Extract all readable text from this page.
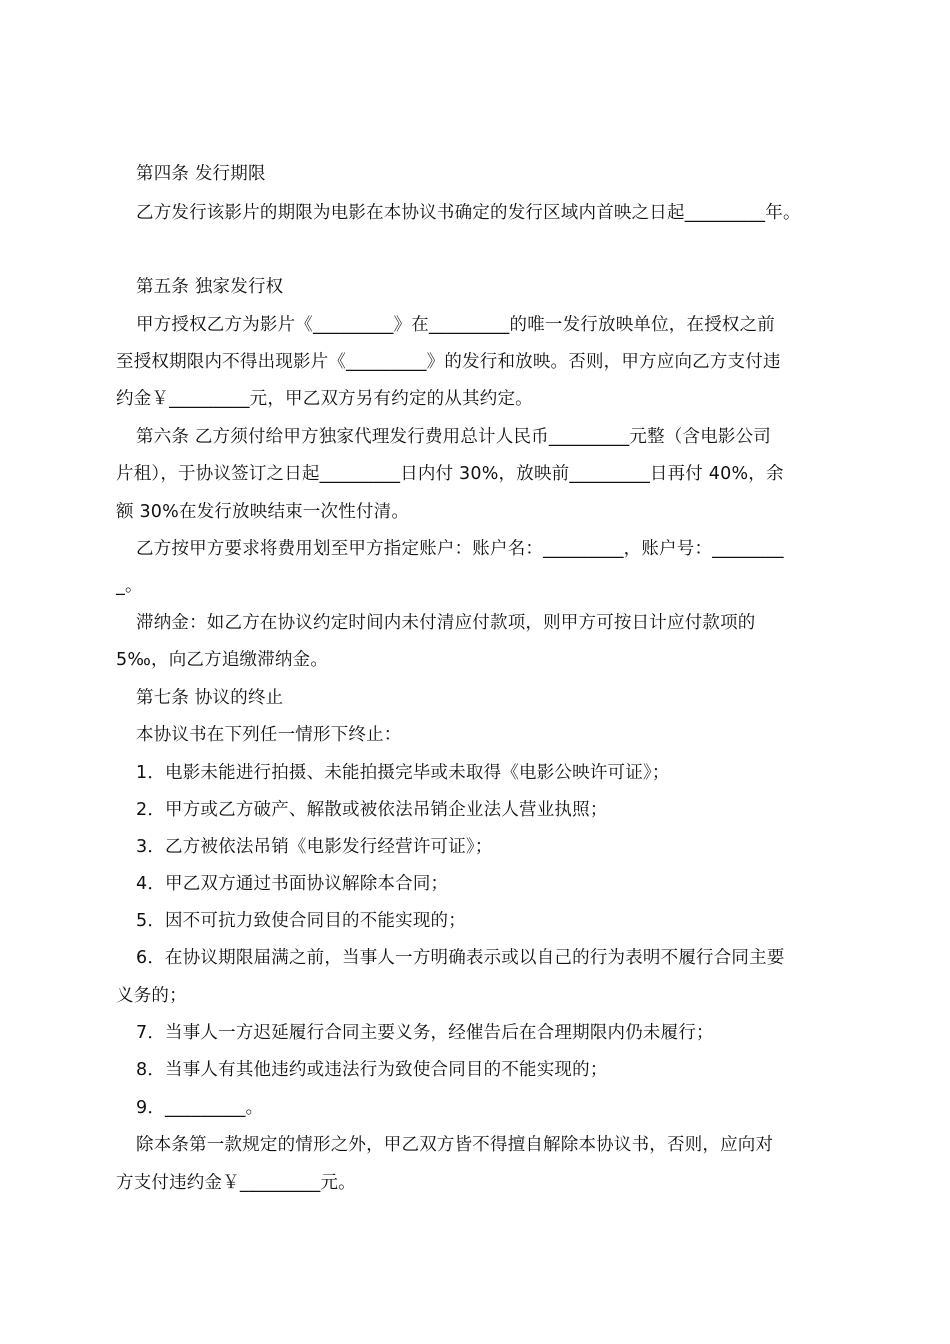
第四条 发行期限
乙方发行该影片的期限为电影在本协议书确定的发行区域内首映之日起_________年。
第五条 独家发行权
甲方授权乙方为影片《_________》在_________的唯一发行放映单位，在授权之前
至授权期限内不得出现影片《_________》的发行和放映。否则，甲方应向乙方支付违
约金￥_________元，甲乙双方另有约定的从其约定。
第六条 乙方须付给甲方独家代理发行费用总计人民币_________元整（含电影公司
片租），于协议签订之日起_________日内付 30%，放映前_________日再付 40%，余
额 30%在发行放映结束一次性付清。
乙方按甲方要求将费用划至甲方指定账户：账户名：_________，账户号：________
_。
滞纳金：如乙方在协议约定时间内未付清应付款项，则甲方可按日计应付款项的
5‰，向乙方追缴滞纳金。
第七条 协议的终止
本协议书在下列任一情形下终止：
1．电影未能进行拍摄、未能拍摄完毕或未取得《电影公映许可证》；
2．甲方或乙方破产、解散或被依法吊销企业法人营业执照；
3．乙方被依法吊销《电影发行经营许可证》；
4．甲乙双方通过书面协议解除本合同；
5．因不可抗力致使合同目的不能实现的；
6．在协议期限届满之前，当事人一方明确表示或以自己的行为表明不履行合同主要
义务的；
7．当事人一方迟延履行合同主要义务，经催告后在合理期限内仍未履行；
8．当事人有其他违约或违法行为致使合同目的不能实现的；
9．_________。
除本条第一款规定的情形之外，甲乙双方皆不得擅自解除本协议书，否则，应向对
方支付违约金￥_________元。
